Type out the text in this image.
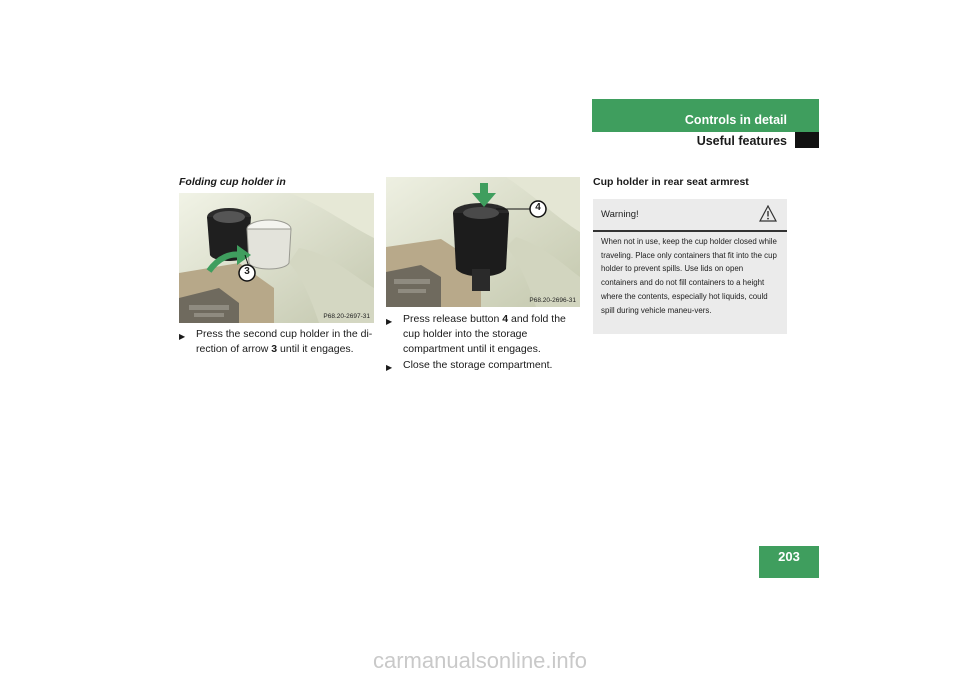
Controls in detail
Useful features
Folding cup holder in
3
P68.20-2697-31
▶ Press the second cup holder in the di-
rection of arrow 3 until it engages.
4
P68.20-2696-31
▶ Press release button 4 and fold the cup holder into the storage compartment until it engages.
▶ Close the storage compartment.
Cup holder in rear seat armrest
Warning!
When not in use, keep the cup holder closed while traveling. Place only containers that fit into the cup holder to prevent spills. Use lids on open containers and do not fill containers to a height where the contents, especially hot liquids, could spill during vehicle maneu-vers.
203
carmanualsonline.info
